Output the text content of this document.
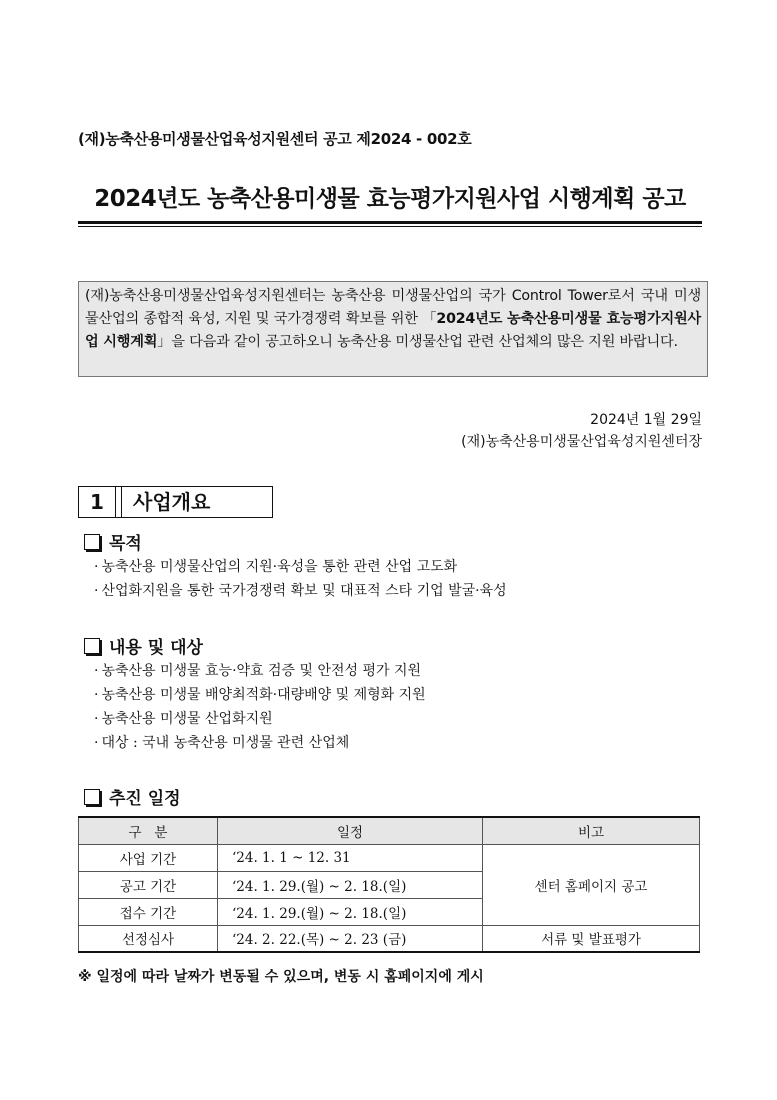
(재)농축산용미생물산업육성지원센터 공고 제2024 - 002호
2024년도 농축산용미생물 효능평가지원사업 시행계획 공고
(재)농축산용미생물산업육성지원센터는 농축산용 미생물산업의 국가 Control Tower로서 국내 미생물산업의 종합적 육성, 지원 및 국가경쟁력 확보를 위한 「2024년도 농축산용미생물 효능평가지원사업 시행계획」을 다음과 같이 공고하오니 농축산용 미생물산업 관련 산업체의 많은 지원 바랍니다.
2024년 1월 29일
(재)농축산용미생물산업육성지원센터장
1	사업개요
목적
· 농축산용 미생물산업의 지원·육성을 통한 관련 산업 고도화
· 산업화지원을 통한 국가경쟁력 확보 및 대표적 스타 기업 발굴·육성
내용 및 대상
· 농축산용 미생물 효능·약효 검증 및 안전성 평가 지원
· 농축산용 미생물 배양최적화·대량배양 및 제형화 지원
· 농축산용 미생물 산업화지원
· 대상 : 국내 농축산용 미생물 관련 산업체
추진 일정
구   분	일정	비고
사업 기간	‘24. 1. 1 ~ 12. 31	센터 홈페이지 공고
공고 기간	‘24. 1. 29.(월) ~ 2. 18.(일)	
접수 기간	‘24. 1. 29.(월) ~ 2. 18.(일)	
선정심사	‘24. 2. 22.(목) ~ 2. 23 (금)	서류 및 발표평가
※ 일정에 따라 날짜가 변동될 수 있으며, 변동 시 홈페이지에 게시
